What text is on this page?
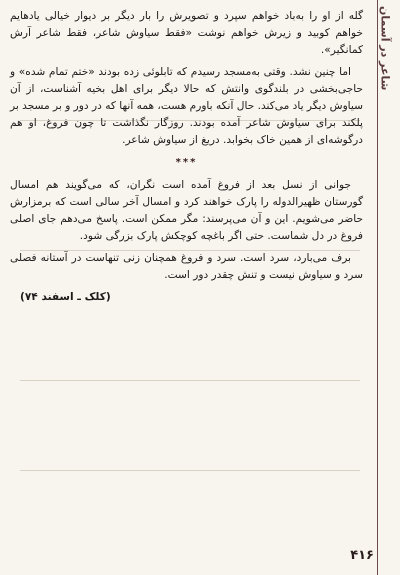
شاعر در آسمان

گله از او را به‌باد خواهم سپرد و تصویرش را بار دیگر بر دیوار خیالی یادهایم خواهم کوبید و زیرش خواهم نوشت «فقط سیاوش شاعر، فقط شاعر آرش کمانگیر».

اما چنین نشد. وقتی به‌مسجد رسیدم که تابلوئی زده بودند «ختم تمام شده» و حاجی‌بخشی در بلندگوی وانتش که حالا دیگر برای اهل بخیه آشناست، از آن سیاوش دیگر یاد می‌کند. حال آنکه باورم هست، همه آنها که در دور و بر مسجد بر پلکند برای سیاوش شاعر آمده بودند. روزگار نگذاشت تا چون فروغ، او هم درگوشه‌ای از همین خاک بخوابد. دریغ از سیاوش شاعر.

***

جوانی از نسل بعد از فروغ آمده است نگران، که می‌گویند هم امسال گورستان ظهیرالدوله را پارک خواهند کرد و امسال آخر سالی است که برمزارش حاضر می‌شویم. این و آن می‌پرسند: مگر ممکن است. پاسخ می‌دهم جای اصلی فروغ در دل شماست. حتی اگر باغچه کوچکش پارک بزرگی شود.

برف می‌بارد، سرد است. سرد و فروغ همچنان زنی تنهاست در آستانه فصلی سرد و سیاوش نیست و تنش چقدر دور است.

(کلک ـ اسفند ۷۴)
۴۱۶
